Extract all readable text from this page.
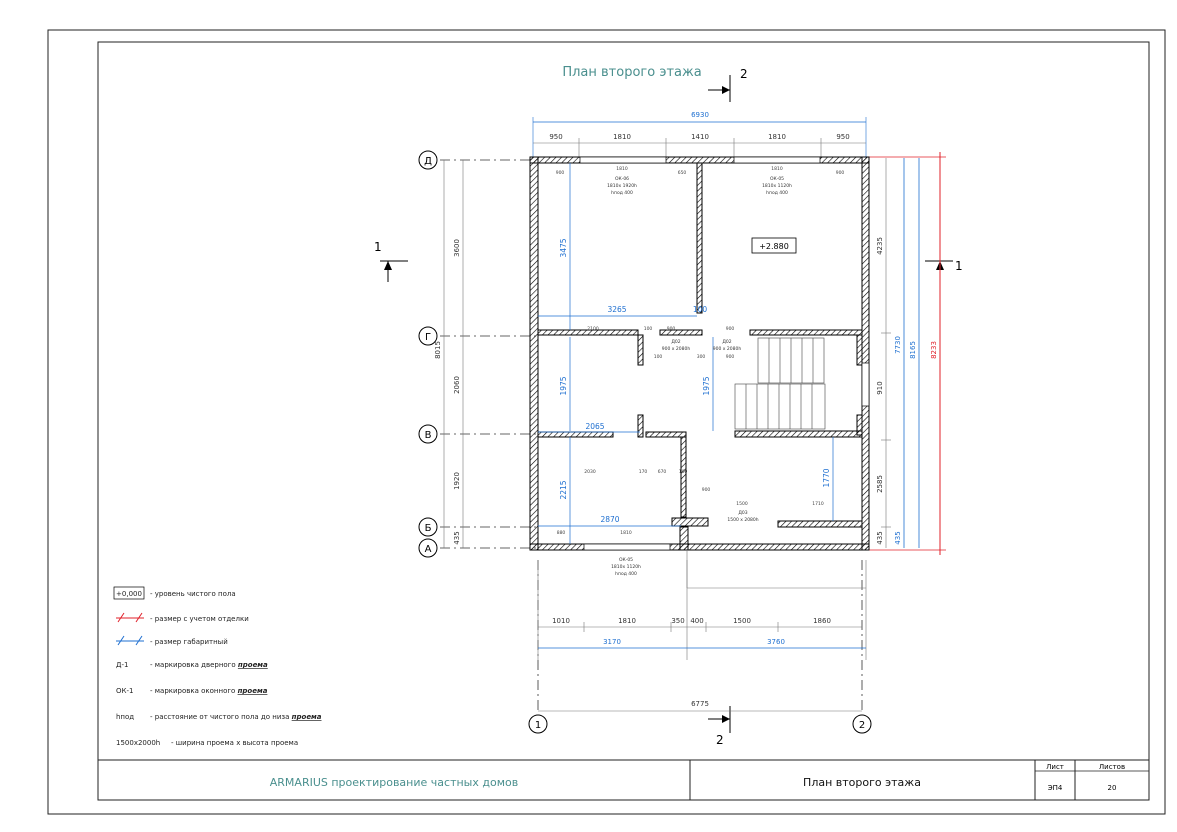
План второго этажа	2
2
1
1
Д
Г
В
Б
А
1	2
6930
950	1810	1410	1810	950
8015
3600
2060
1920
435
4235
910
2585
435
7730
435
8165 8233
1010	1810	350 400	1500	1860
3170	3760
6775
3475
3265	100
1975	1975
2065
2215
2870
1770
900
1810
650
1810
900
2100	100	900	900
300
100	900
2030	170 670	100
900
1500	1710
880	1810
ОК-06
1810х 1920h
hпод 400
ОК-05
1810х 1120h
hпод 400
ОК-05
1810х 1120h
hпод 400
Д02
900 х 2080h
Д02
900 х 2080h
Д03
1500 х 2080h
+2.880
+0,000 - уровень чистого пола
- размер с учетом отделки
- размер габаритный
Д-1	- маркировка дверного проема
ОК-1 - маркировка оконного проема
hпод - расстояние от чистого пола до низа проема
1500х2000h - ширина проема х высота проема
ARMARIUS проектирование частных домов	План второго этажа
Лист	Листов
ЭП4	20
